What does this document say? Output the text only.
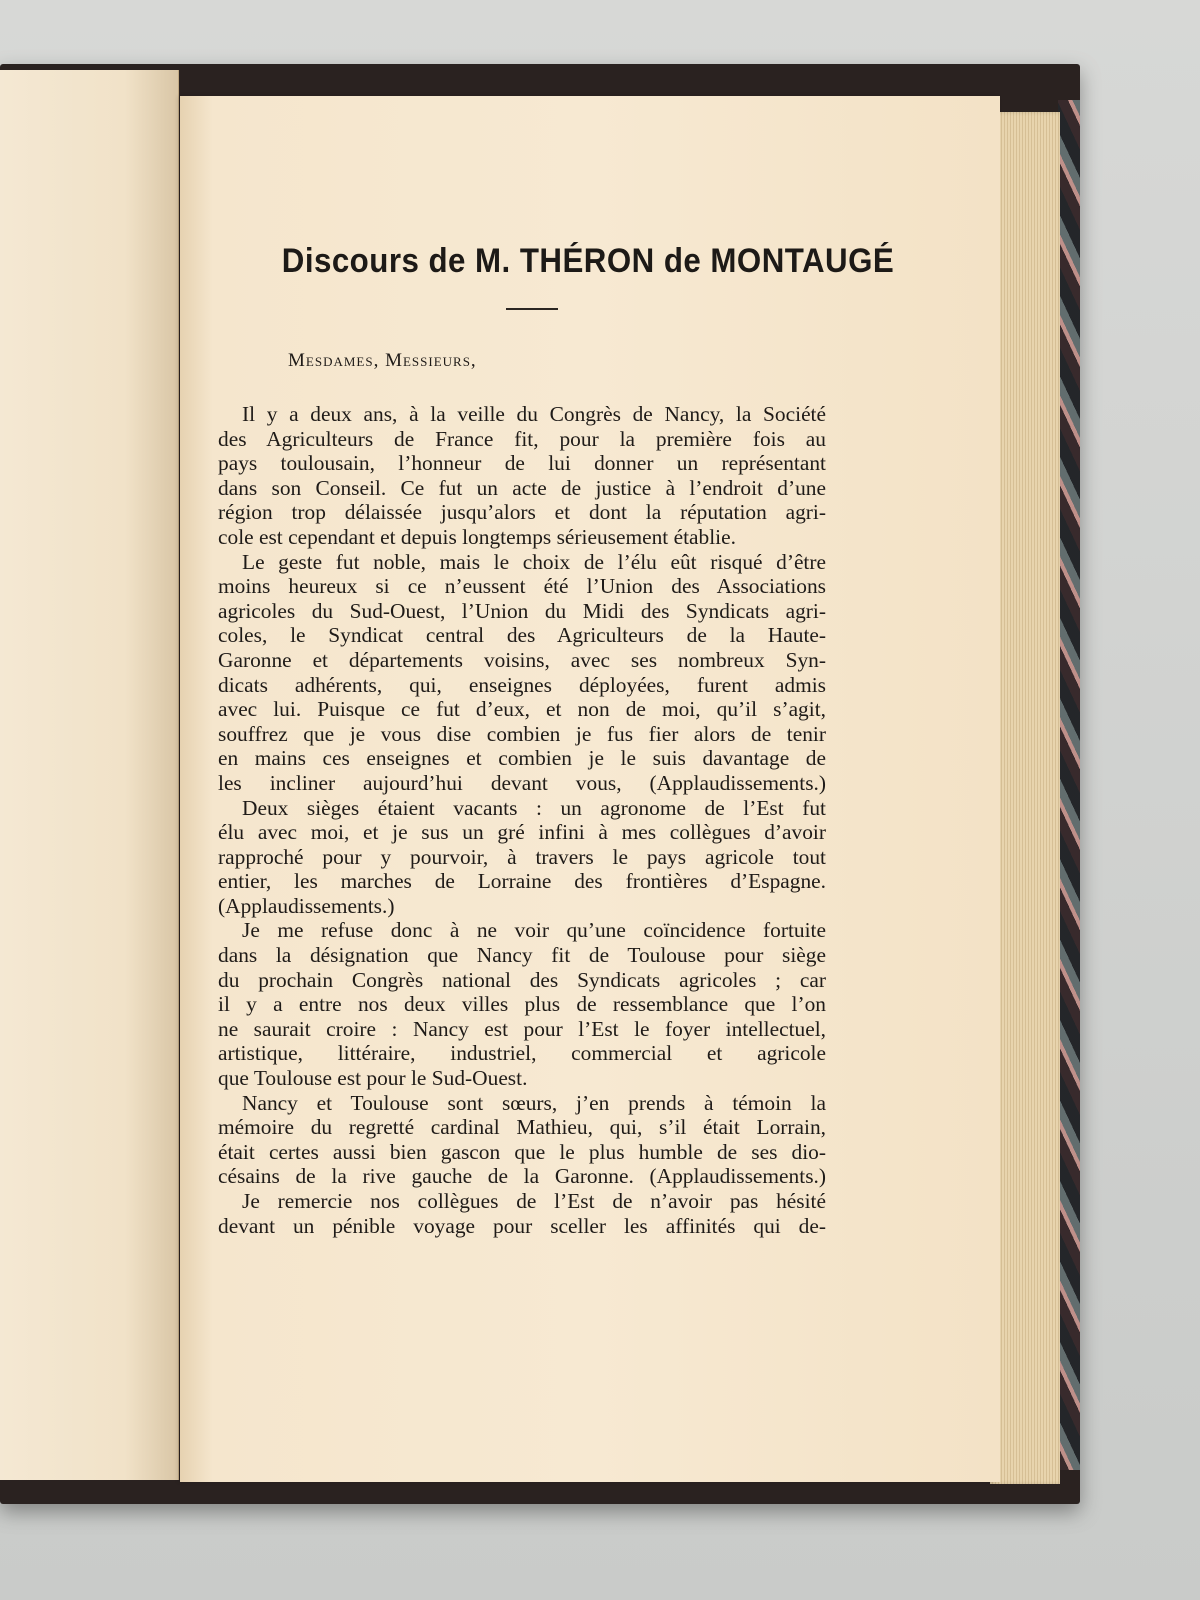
Discours de M. THÉRON de MONTAUGÉ
Mesdames, Messieurs,
Il y a deux ans, à la veille du Congrès de Nancy, la Société
des Agriculteurs de France fit, pour la première fois au
pays toulousain, l’honneur de lui donner un représentant
dans son Conseil. Ce fut un acte de justice à l’endroit d’une
région trop délaissée jusqu’alors et dont la réputation agri-
cole est cependant et depuis longtemps sérieusement établie.
Le geste fut noble, mais le choix de l’élu eût risqué d’être
moins heureux si ce n’eussent été l’Union des Associations
agricoles du Sud-Ouest, l’Union du Midi des Syndicats agri-
coles, le Syndicat central des Agriculteurs de la Haute-
Garonne et départements voisins, avec ses nombreux Syn-
dicats adhérents, qui, enseignes déployées, furent admis
avec lui. Puisque ce fut d’eux, et non de moi, qu’il s’agit,
souffrez que je vous dise combien je fus fier alors de tenir
en mains ces enseignes et combien je le suis davantage de
les incliner aujourd’hui devant vous, (Applaudissements.)
Deux sièges étaient vacants : un agronome de l’Est fut
élu avec moi, et je sus un gré infini à mes collègues d’avoir
rapproché pour y pourvoir, à travers le pays agricole tout
entier, les marches de Lorraine des frontières d’Espagne.
(Applaudissements.)
Je me refuse donc à ne voir qu’une coïncidence fortuite
dans la désignation que Nancy fit de Toulouse pour siège
du prochain Congrès national des Syndicats agricoles ; car
il y a entre nos deux villes plus de ressemblance que l’on
ne saurait croire : Nancy est pour l’Est le foyer intellectuel,
artistique, littéraire, industriel, commercial et agricole
que Toulouse est pour le Sud-Ouest.
Nancy et Toulouse sont sœurs, j’en prends à témoin la
mémoire du regretté cardinal Mathieu, qui, s’il était Lorrain,
était certes aussi bien gascon que le plus humble de ses dio-
césains de la rive gauche de la Garonne. (Applaudissements.)
Je remercie nos collègues de l’Est de n’avoir pas hésité
devant un pénible voyage pour sceller les affinités qui de-
